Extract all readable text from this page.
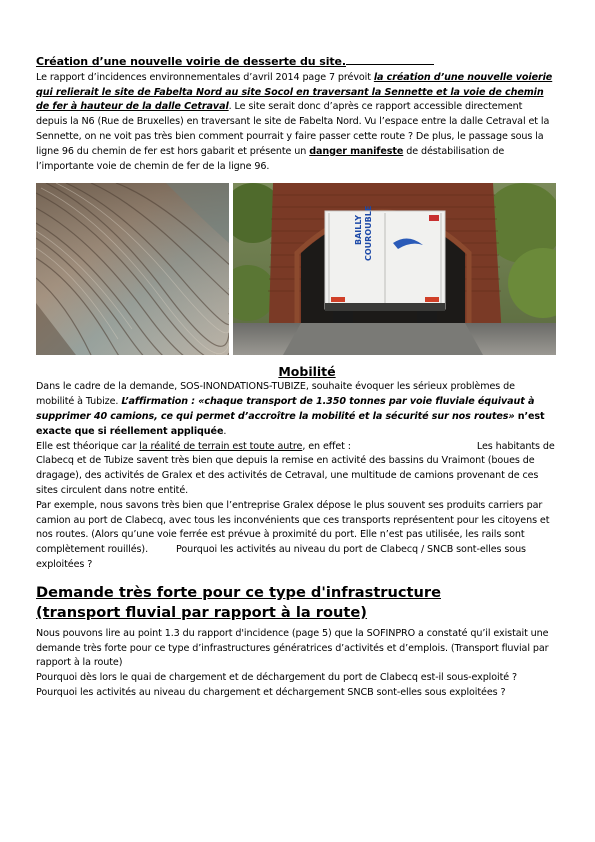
Création d’une nouvelle voirie de desserte du site.
Le rapport d’incidences environnementales d’avril 2014 page 7 prévoit la création d’une nouvelle voierie qui relierait le site de Fabelta Nord au site Socol en traversant la Sennette et la voie de chemin de fer à hauteur de la dalle Cetraval. Le site serait donc d’après ce rapport accessible directement depuis la N6 (Rue de Bruxelles) en traversant le site de Fabelta Nord. Vu l’espace entre la dalle Cetraval et la Sennette, on ne voit pas très bien comment pourrait y faire passer cette route ? De plus, le passage sous la ligne 96 du chemin de fer est hors gabarit et présente un danger manifeste de déstabilisation de l’importante voie de chemin de fer de la ligne 96.

BAILLY COUROUBLE
Mobilité

Dans le cadre de la demande, SOS-INONDATIONS-TUBIZE, souhaite évoquer les sérieux problèmes de mobilité à Tubize. L’affirmation : «chaque transport de 1.350 tonnes par voie fluviale équivaut à supprimer 40 camions, ce qui permet d’accroître la mobilité et la sécurité sur nos routes» n’est exacte que si réellement appliquée.

Elle est théorique car la réalité de terrain est toute autre, en effet :	Les habitants de Clabecq et de Tubize savent très bien que depuis la remise en activité des bassins du Vraimont (boues de dragage), des activités de Gralex et des activités de Cetraval, une multitude de camions provenant de ces sites circulent dans notre entité.

Par exemple, nous savons très bien que l’entreprise Gralex dépose le plus souvent ses produits carriers par camion au port de Clabecq, avec tous les inconvénients que ces transports représentent pour les citoyens et nos routes. (Alors qu’une voie ferrée est prévue à proximité du port. Elle n’est pas utilisée, les rails sont complètement rouillés).	Pourquoi les activités au niveau du port de Clabecq / SNCB sont-elles sous exploitées ?

Demande très forte pour ce type d'infrastructure
(transport fluvial par rapport à la route)

Nous pouvons lire au point 1.3 du rapport d'incidence (page 5) que la SOFINPRO a constaté qu’il existait une demande très forte pour ce type d’infrastructures génératrices d’activités et d’emplois. (Transport fluvial par rapport à la route)

Pourquoi dès lors le quai de chargement et de déchargement du port de Clabecq est-il sous-exploité ? Pourquoi les activités au niveau du chargement et déchargement SNCB sont-elles sous exploitées ?
